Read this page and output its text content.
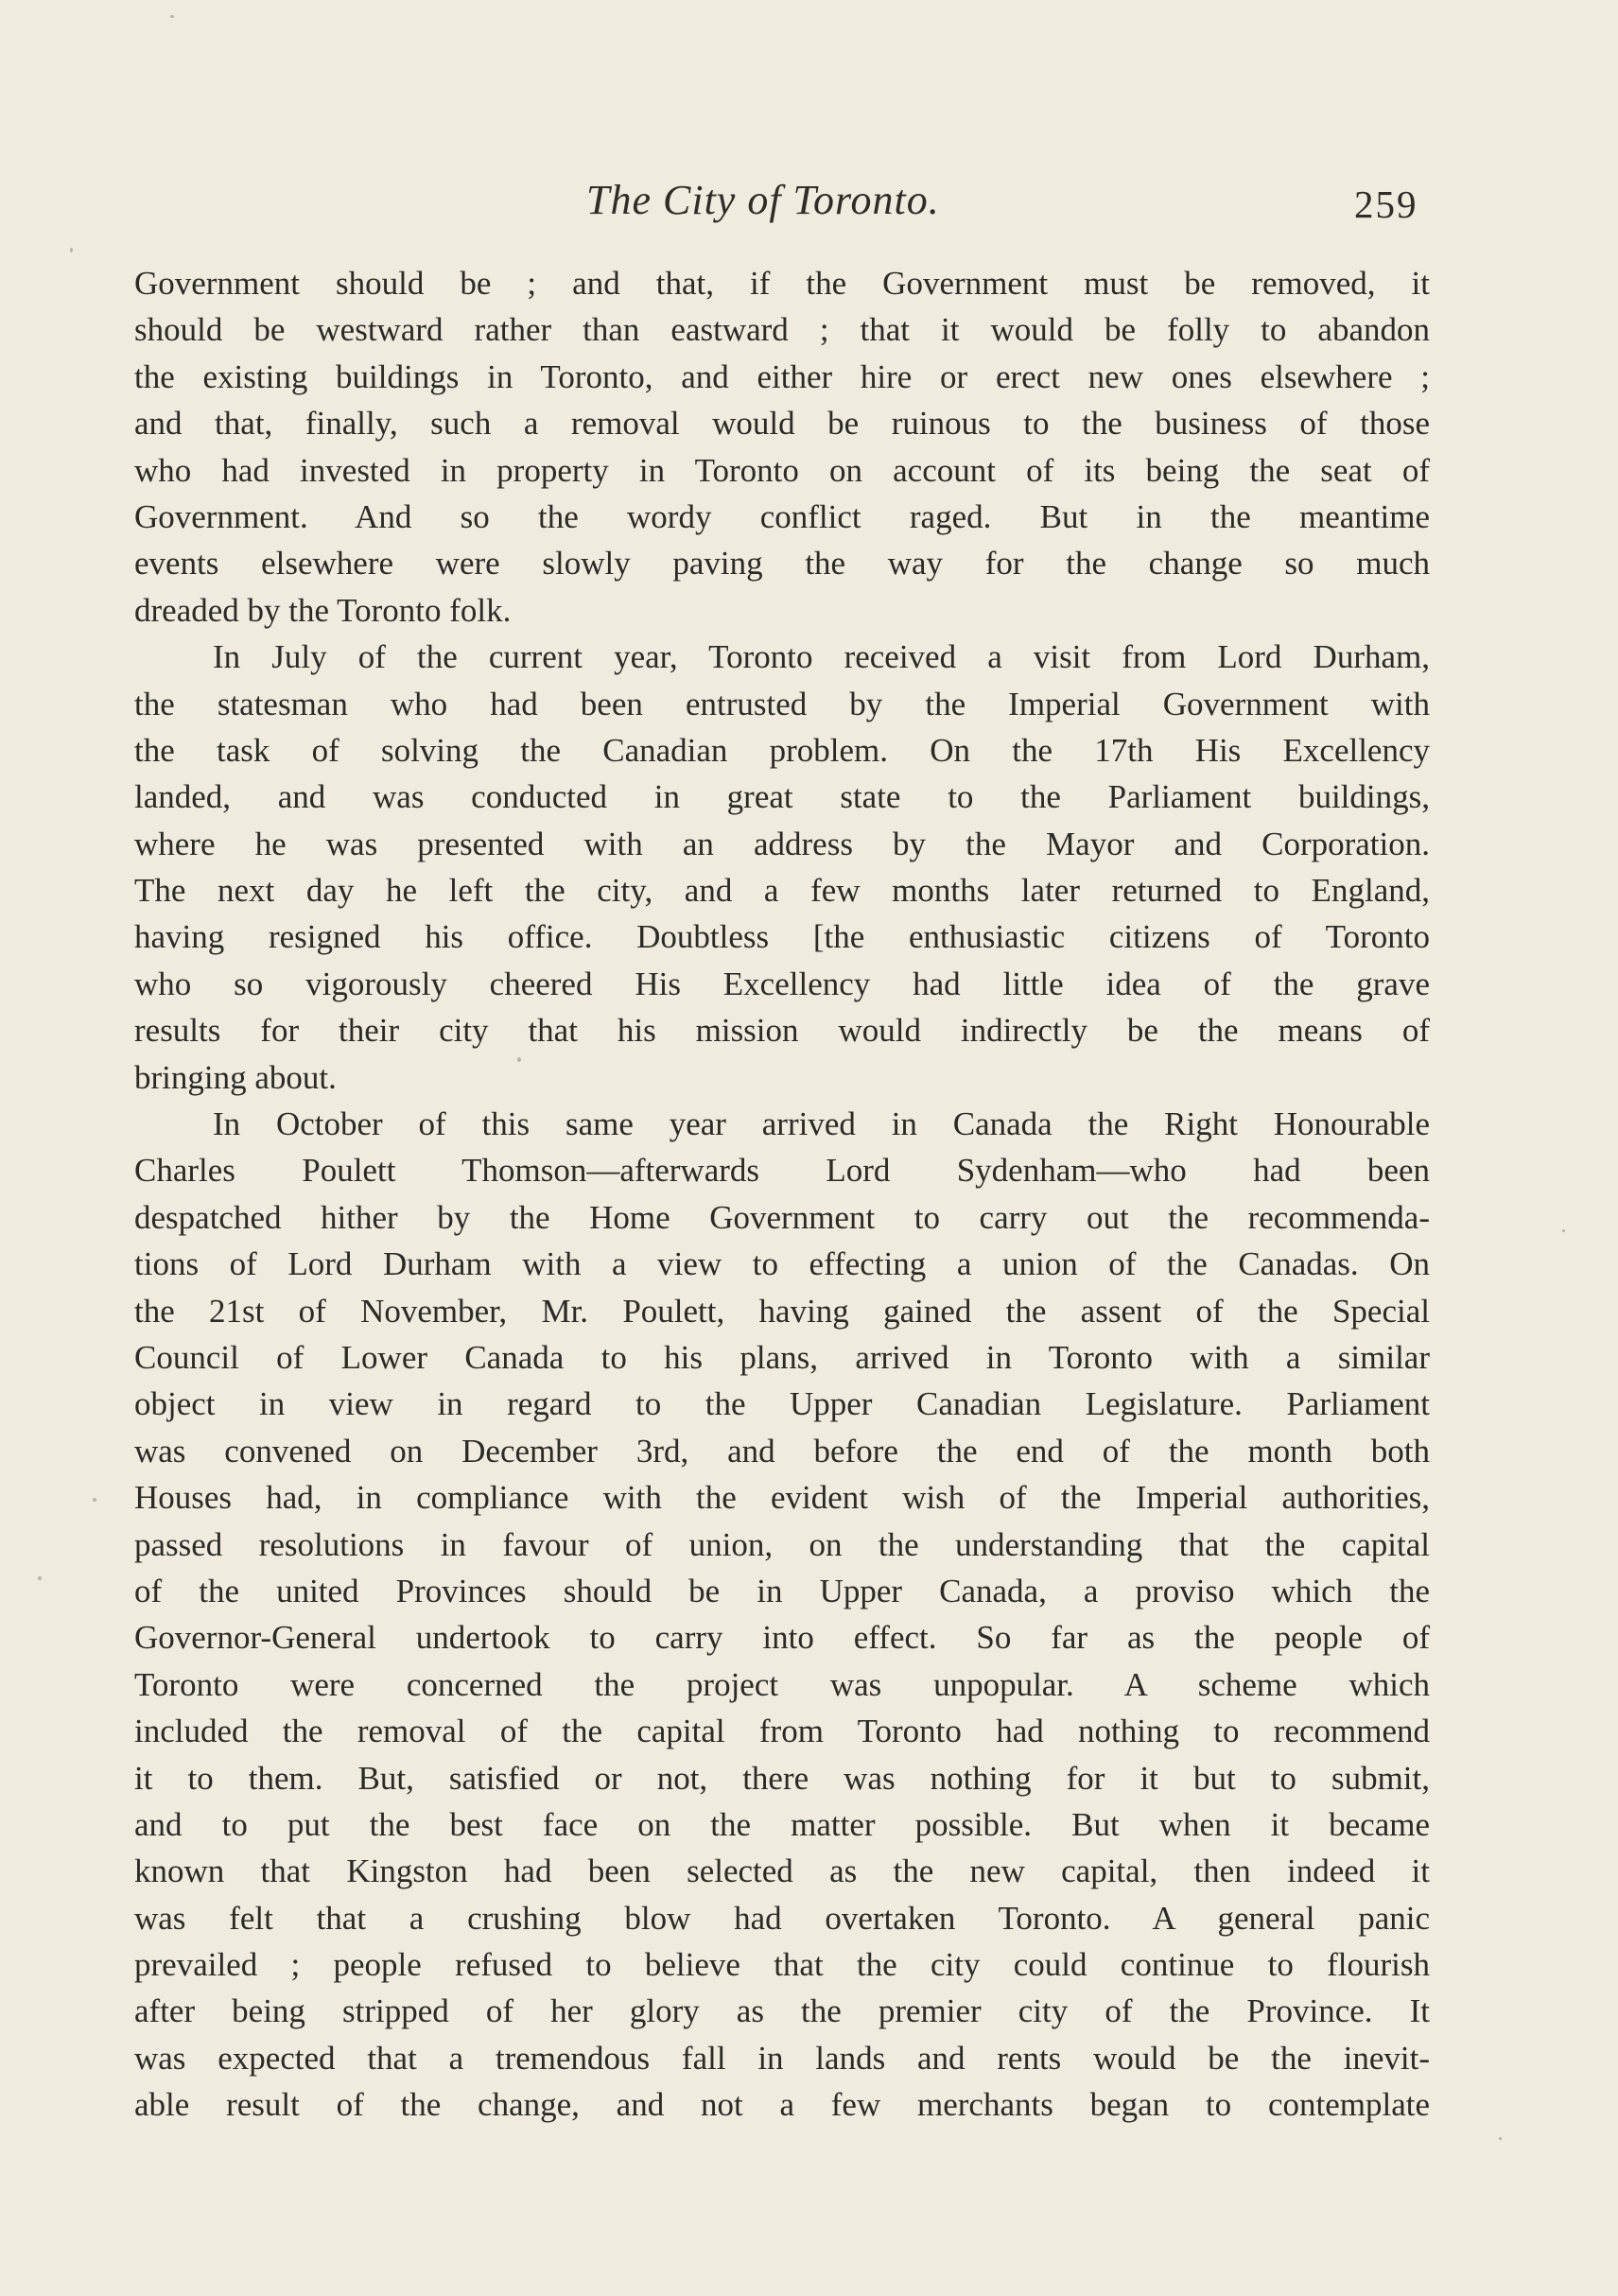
The City of Toronto.	259
Government should be ; and that, if the Government must be removed, it
should be westward rather than eastward ; that it would be folly to abandon
the existing buildings in Toronto, and either hire or erect new ones elsewhere ;
and that, finally, such a removal would be ruinous to the business of those
who had invested in property in Toronto on account of its being the seat of
Government. And so the wordy conflict raged. But in the meantime
events elsewhere were slowly paving the way for the change so much
dreaded by the Toronto folk.
In July of the current year, Toronto received a visit from Lord Durham,
the statesman who had been entrusted by the Imperial Government with
the task of solving the Canadian problem. On the 17th His Excellency
landed, and was conducted in great state to the Parliament buildings,
where he was presented with an address by the Mayor and Corporation.
The next day he left the city, and a few months later returned to England,
having resigned his office. Doubtless [the enthusiastic citizens of Toronto
who so vigorously cheered His Excellency had little idea of the grave
results for their city that his mission would indirectly be the means of
bringing about.
In October of this same year arrived in Canada the Right Honourable
Charles Poulett Thomson—afterwards Lord Sydenham—who had been
despatched hither by the Home Government to carry out the recommenda-
tions of Lord Durham with a view to effecting a union of the Canadas. On
the 21st of November, Mr. Poulett, having gained the assent of the Special
Council of Lower Canada to his plans, arrived in Toronto with a similar
object in view in regard to the Upper Canadian Legislature. Parliament
was convened on December 3rd, and before the end of the month both
Houses had, in compliance with the evident wish of the Imperial authorities,
passed resolutions in favour of union, on the understanding that the capital
of the united Provinces should be in Upper Canada, a proviso which the
Governor-General undertook to carry into effect. So far as the people of
Toronto were concerned the project was unpopular. A scheme which
included the removal of the capital from Toronto had nothing to recommend
it to them. But, satisfied or not, there was nothing for it but to submit,
and to put the best face on the matter possible. But when it became
known that Kingston had been selected as the new capital, then indeed it
was felt that a crushing blow had overtaken Toronto. A general panic
prevailed ; people refused to believe that the city could continue to flourish
after being stripped of her glory as the premier city of the Province. It
was expected that a tremendous fall in lands and rents would be the inevit-
able result of the change, and not a few merchants began to contemplate
